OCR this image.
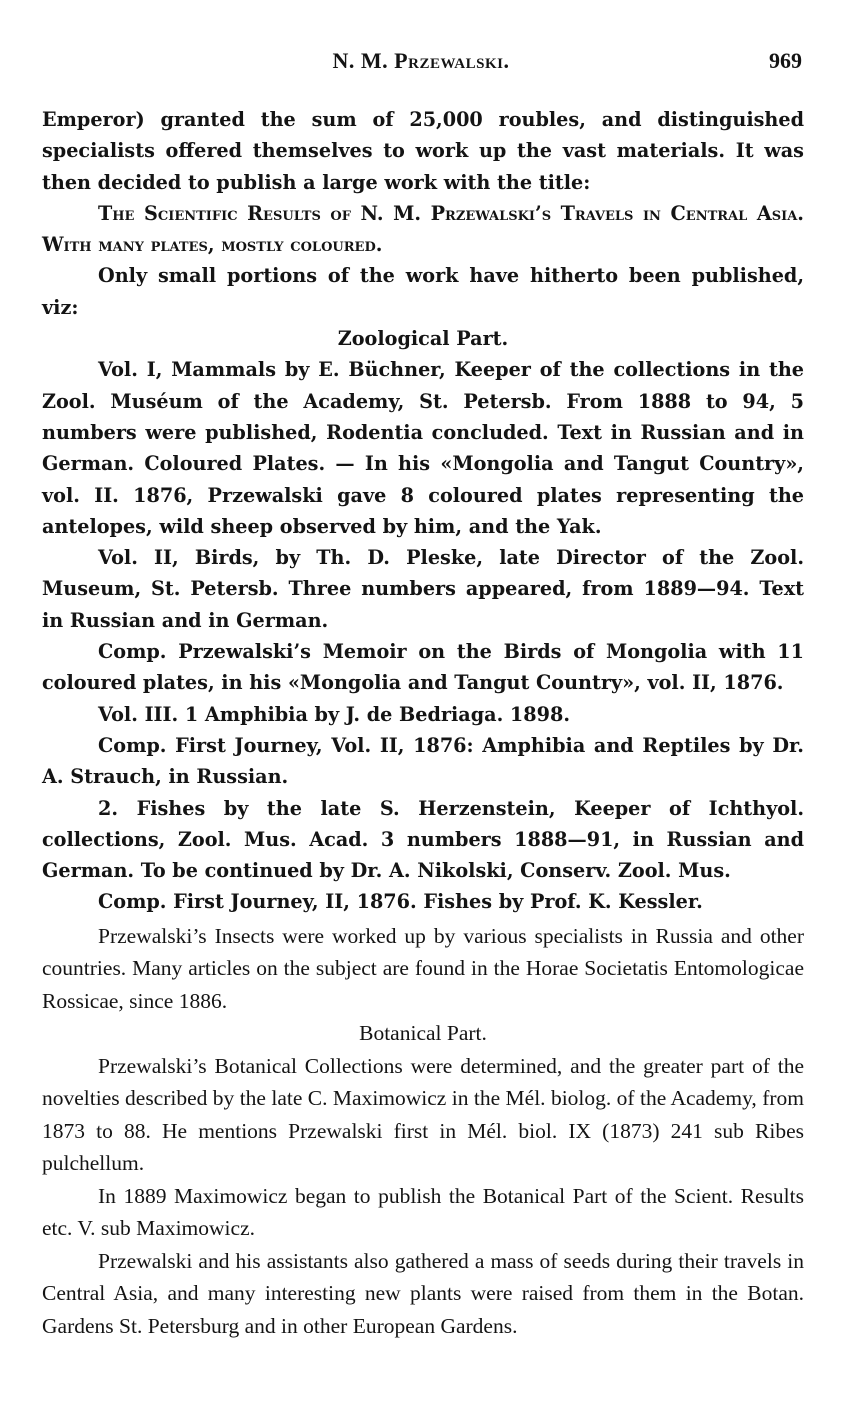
N. M. Przewalski.	969

Emperor) granted the sum of 25,000 roubles, and distinguished specialists offered themselves to work up the vast materials. It was then decided to publish a large work with the title:

The Scientific Results of N. M. Przewalski’s Travels in Central Asia. With many plates, mostly coloured.

Only small portions of the work have hitherto been published, viz:

Zoological Part.

Vol. I, Mammals by E. Büchner, Keeper of the collections in the Zool. Muséum of the Academy, St. Petersb. From 1888 to 94, 5 numbers were published, Rodentia concluded. Text in Russian and in German. Coloured Plates. — In his «Mongolia and Tangut Country», vol. II. 1876, Przewalski gave 8 coloured plates representing the antelopes, wild sheep observed by him, and the Yak.

Vol. II, Birds, by Th. D. Pleske, late Director of the Zool. Museum, St. Petersb. Three numbers appeared, from 1889—94. Text in Russian and in German.

Comp. Przewalski’s Memoir on the Birds of Mongolia with 11 coloured plates, in his «Mongolia and Tangut Country», vol. II, 1876.

Vol. III. 1 Amphibia by J. de Bedriaga. 1898.

Comp. First Journey, Vol. II, 1876: Amphibia and Reptiles by Dr. A. Strauch, in Russian.

2. Fishes by the late S. Herzenstein, Keeper of Ichthyol. collections, Zool. Mus. Acad. 3 numbers 1888—91, in Russian and German. To be continued by Dr. A. Nikolski, Conserv. Zool. Mus.

Comp. First Journey, II, 1876. Fishes by Prof. K. Kessler.

Przewalski’s Insects were worked up by various specialists in Russia and other countries. Many articles on the subject are found in the Horae Societatis Entomologicae Rossicae, since 1886.

Botanical Part.

Przewalski’s Botanical Collections were determined, and the greater part of the novelties described by the late C. Maximowicz in the Mél. biolog. of the Academy, from 1873 to 88. He mentions Przewalski first in Mél. biol. IX (1873) 241 sub Ribes pulchellum.

In 1889 Maximowicz began to publish the Botanical Part of the Scient. Results etc. V. sub Maximowicz.

Przewalski and his assistants also gathered a mass of seeds during their travels in Central Asia, and many interesting new plants were raised from them in the Botan. Gardens St. Petersburg and in other European Gardens.
